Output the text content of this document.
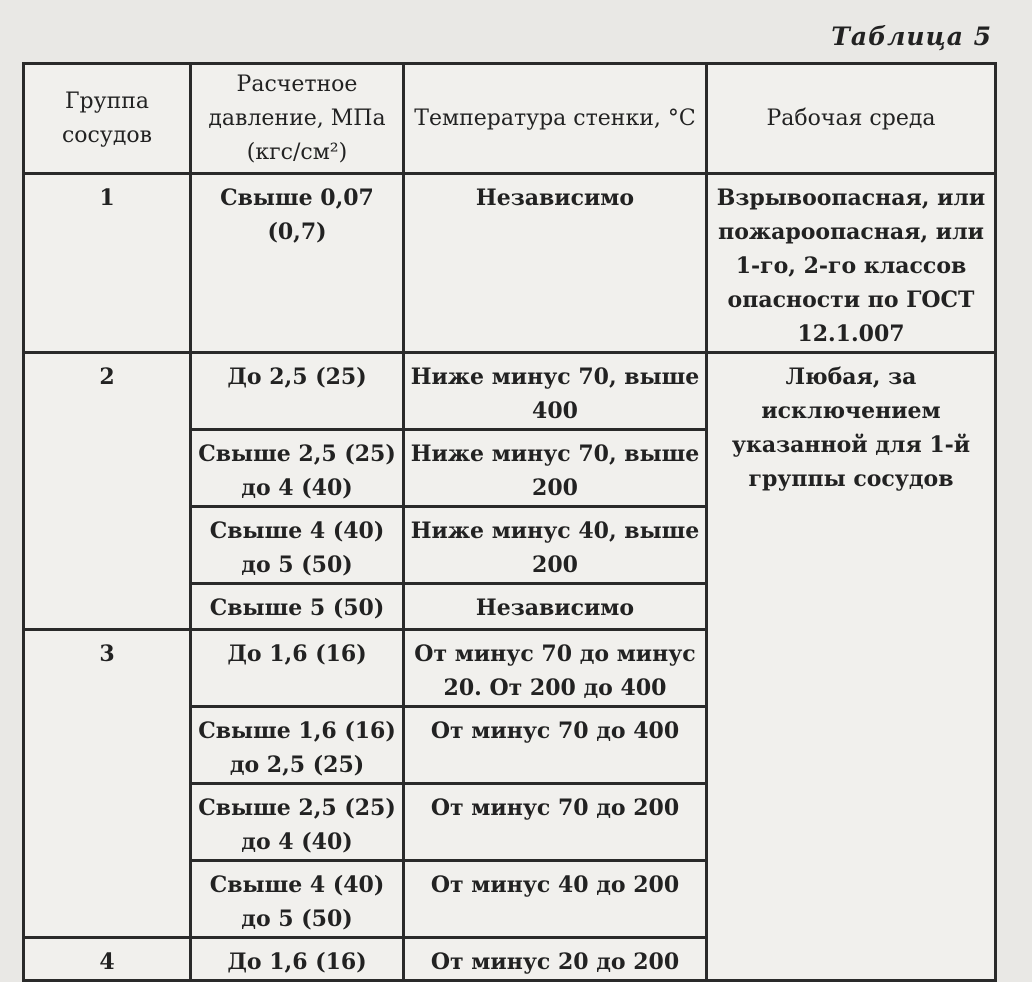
Таблица 5
Группа сосудов	Расчетное давление, МПа (кгс/см²)	Температура стенки, °С	Рабочая среда
1	Свыше 0,07 (0,7)	Независимо	Взрывоопасная, или пожароопасная, или 1-го, 2-го классов опасности по ГОСТ 12.1.007
2	До 2,5 (25)	Ниже минус 70, выше 400	Любая, за исключением указанной для 1-й группы сосудов
	Свыше 2,5 (25) до 4 (40)	Ниже минус 70, выше 200	
	Свыше 4 (40) до 5 (50)	Ниже минус 40, выше 200	
	Свыше 5 (50)	Независимо	
3	До 1,6 (16)	От минус 70 до минус 20. От 200 до 400	
	Свыше 1,6 (16) до 2,5 (25)	От минус 70 до 400	
	Свыше 2,5 (25) до 4 (40)	От минус 70 до 200	
	Свыше 4 (40) до 5 (50)	От минус 40 до 200	
4	До 1,6 (16)	От минус 20 до 200	
